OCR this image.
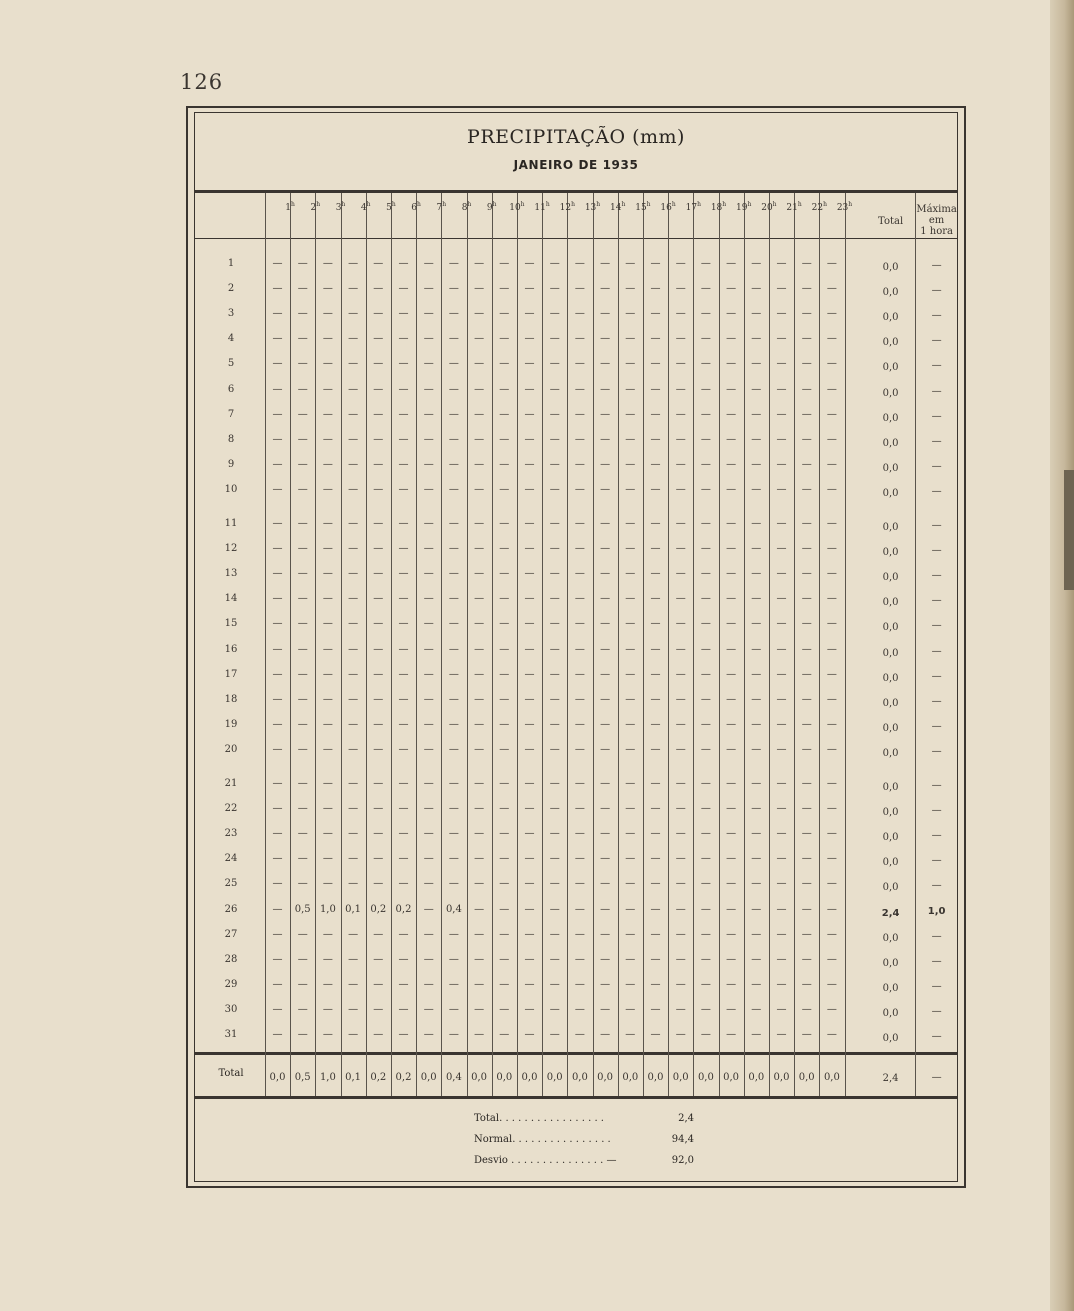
126
PRECIPITAÇÃO (mm)
JANEIRO DE 1935
1$^h$	2$^h$	3$^h$	4$^h$	5$^h$	6$^h$	7$^h$	8$^h$	9$^h$	10$^h$	11$^h$	12$^h$	13$^h$	14$^h$	15$^h$	16$^h$	17$^h$	18$^h$	19$^h$	20$^h$	21$^h$	22$^h$	23$^h$
Total
Máxima
em
1 hora
1	—	—	—	—	—	—	—	—	—	—	—	—	—	—	—	—	—	—	—	—	—	—	—	0,0	—
2	—	—	—	—	—	—	—	—	—	—	—	—	—	—	—	—	—	—	—	—	—	—	—	0,0	—
3	—	—	—	—	—	—	—	—	—	—	—	—	—	—	—	—	—	—	—	—	—	—	—	0,0	—
4	—	—	—	—	—	—	—	—	—	—	—	—	—	—	—	—	—	—	—	—	—	—	—	0,0	—
5	—	—	—	—	—	—	—	—	—	—	—	—	—	—	—	—	—	—	—	—	—	—	—	0,0	—
6	—	—	—	—	—	—	—	—	—	—	—	—	—	—	—	—	—	—	—	—	—	—	—	0,0	—
7	—	—	—	—	—	—	—	—	—	—	—	—	—	—	—	—	—	—	—	—	—	—	—	0,0	—
8	—	—	—	—	—	—	—	—	—	—	—	—	—	—	—	—	—	—	—	—	—	—	—	0,0	—
9	—	—	—	—	—	—	—	—	—	—	—	—	—	—	—	—	—	—	—	—	—	—	—	0,0	—
10	—	—	—	—	—	—	—	—	—	—	—	—	—	—	—	—	—	—	—	—	—	—	—	0,0	—
11	—	—	—	—	—	—	—	—	—	—	—	—	—	—	—	—	—	—	—	—	—	—	—	0,0	—
12	—	—	—	—	—	—	—	—	—	—	—	—	—	—	—	—	—	—	—	—	—	—	—	0,0	—
13	—	—	—	—	—	—	—	—	—	—	—	—	—	—	—	—	—	—	—	—	—	—	—	0,0	—
14	—	—	—	—	—	—	—	—	—	—	—	—	—	—	—	—	—	—	—	—	—	—	—	0,0	—
15	—	—	—	—	—	—	—	—	—	—	—	—	—	—	—	—	—	—	—	—	—	—	—	0,0	—
16	—	—	—	—	—	—	—	—	—	—	—	—	—	—	—	—	—	—	—	—	—	—	—	0,0	—
17	—	—	—	—	—	—	—	—	—	—	—	—	—	—	—	—	—	—	—	—	—	—	—	0,0	—
18	—	—	—	—	—	—	—	—	—	—	—	—	—	—	—	—	—	—	—	—	—	—	—	0,0	—
19	—	—	—	—	—	—	—	—	—	—	—	—	—	—	—	—	—	—	—	—	—	—	—	0,0	—
20	—	—	—	—	—	—	—	—	—	—	—	—	—	—	—	—	—	—	—	—	—	—	—	0,0	—
21	—	—	—	—	—	—	—	—	—	—	—	—	—	—	—	—	—	—	—	—	—	—	—	0,0	—
22	—	—	—	—	—	—	—	—	—	—	—	—	—	—	—	—	—	—	—	—	—	—	—	0,0	—
23	—	—	—	—	—	—	—	—	—	—	—	—	—	—	—	—	—	—	—	—	—	—	—	0,0	—
24	—	—	—	—	—	—	—	—	—	—	—	—	—	—	—	—	—	—	—	—	—	—	—	0,0	—
25	—	—	—	—	—	—	—	—	—	—	—	—	—	—	—	—	—	—	—	—	—	—	—	0,0	—
26	—	0,5 1,0 0,1 0,2 0,2	—	0,4	—	—	—	—	—	—	—	—	—	—	—	—	—	—	—	2,4	1,0
27	—	—	—	—	—	—	—	—	—	—	—	—	—	—	—	—	—	—	—	—	—	—	—	0,0	—
28	—	—	—	—	—	—	—	—	—	—	—	—	—	—	—	—	—	—	—	—	—	—	—	0,0	—
29	—	—	—	—	—	—	—	—	—	—	—	—	—	—	—	—	—	—	—	—	—	—	—	0,0	—
30	—	—	—	—	—	—	—	—	—	—	—	—	—	—	—	—	—	—	—	—	—	—	—	0,0	—
31	—	—	—	—	—	—	—	—	—	—	—	—	—	—	—	—	—	—	—	—	—	—	—	0,0	—
Total	0,0 0,5 1,0 0,1 0,2 0,2 0,0 0,4 0,0 0,0 0,0 0,0 0,0 0,0 0,0 0,0 0,0 0,0 0,0 0,0 0,0 0,0 0,0	2,4	—
Total. . . . . . . . . . . . . . . . .	2,4
Normal. . . . . . . . . . . . . . . .	94,4
Desvio . . . . . . . . . . . . . . . —	92,0
